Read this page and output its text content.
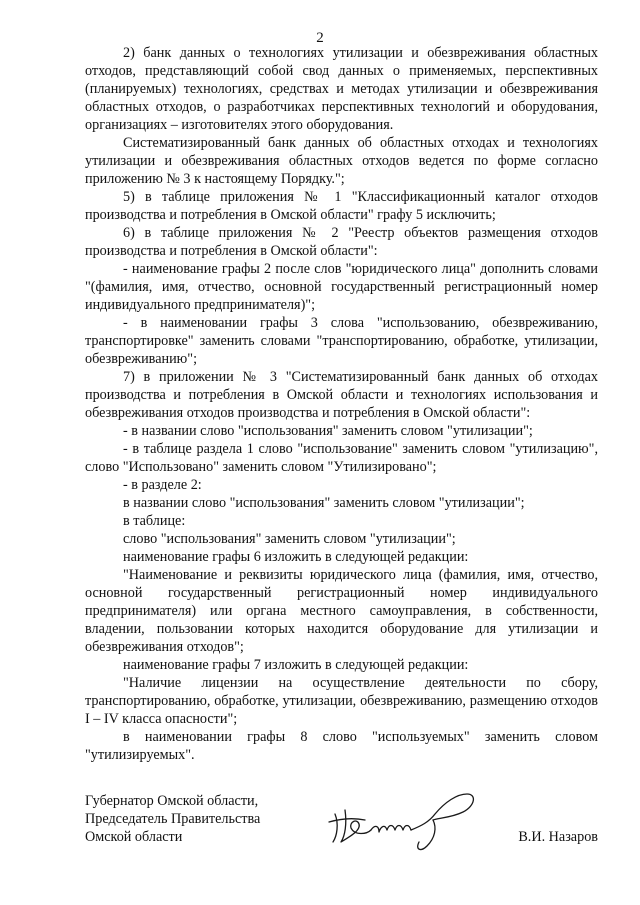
2

2) банк данных о технологиях утилизации и обезвреживания областных отходов, представляющий собой свод данных о применяемых, перспективных (планируемых) технологиях, средствах и методах утилизации и обезвреживания областных отходов, о разработчиках перспективных технологий и оборудования, организациях – изготовителях этого оборудования.

Систематизированный банк данных об областных отходах и технологиях утилизации и обезвреживания областных отходов ведется по форме согласно приложению № 3 к настоящему Порядку.";

5) в таблице приложения № 1 "Классификационный каталог отходов производства и потребления в Омской области" графу 5 исключить;

6) в таблице приложения № 2 "Реестр объектов размещения отходов производства и потребления в Омской области":

- наименование графы 2 после слов "юридического лица" дополнить словами "(фамилия, имя, отчество, основной государственный регистрационный номер индивидуального предпринимателя)";

- в наименовании графы 3 слова "использованию, обезвреживанию, транспортировке" заменить словами "транспортированию, обработке, утилизации, обезвреживанию";

7) в приложении № 3 "Систематизированный банк данных об отходах производства и потребления в Омской области и технологиях использования и обезвреживания отходов производства и потребления в Омской области":

- в названии слово "использования" заменить словом "утилизации";

- в таблице раздела 1 слово "использование" заменить словом "утилизацию", слово "Использовано" заменить словом "Утилизировано";

- в разделе 2:

в названии слово "использования" заменить словом "утилизации";

в таблице:

слово "использования" заменить словом "утилизации";

наименование графы 6 изложить в следующей редакции:

"Наименование и реквизиты юридического лица (фамилия, имя, отчество, основной государственный регистрационный номер индивидуального предпринимателя) или органа местного самоуправления, в собственности, владении, пользовании которых находится оборудование для утилизации и обезвреживания отходов";

наименование графы 7 изложить в следующей редакции:

"Наличие лицензии на осуществление деятельности по сбору, транспортированию, обработке, утилизации, обезвреживанию, размещению отходов I – IV класса опасности";

в наименовании графы 8 слово "используемых" заменить словом "утилизируемых".

Губернатор Омской области,
Председатель Правительства
Омской области	В.И. Назаров
